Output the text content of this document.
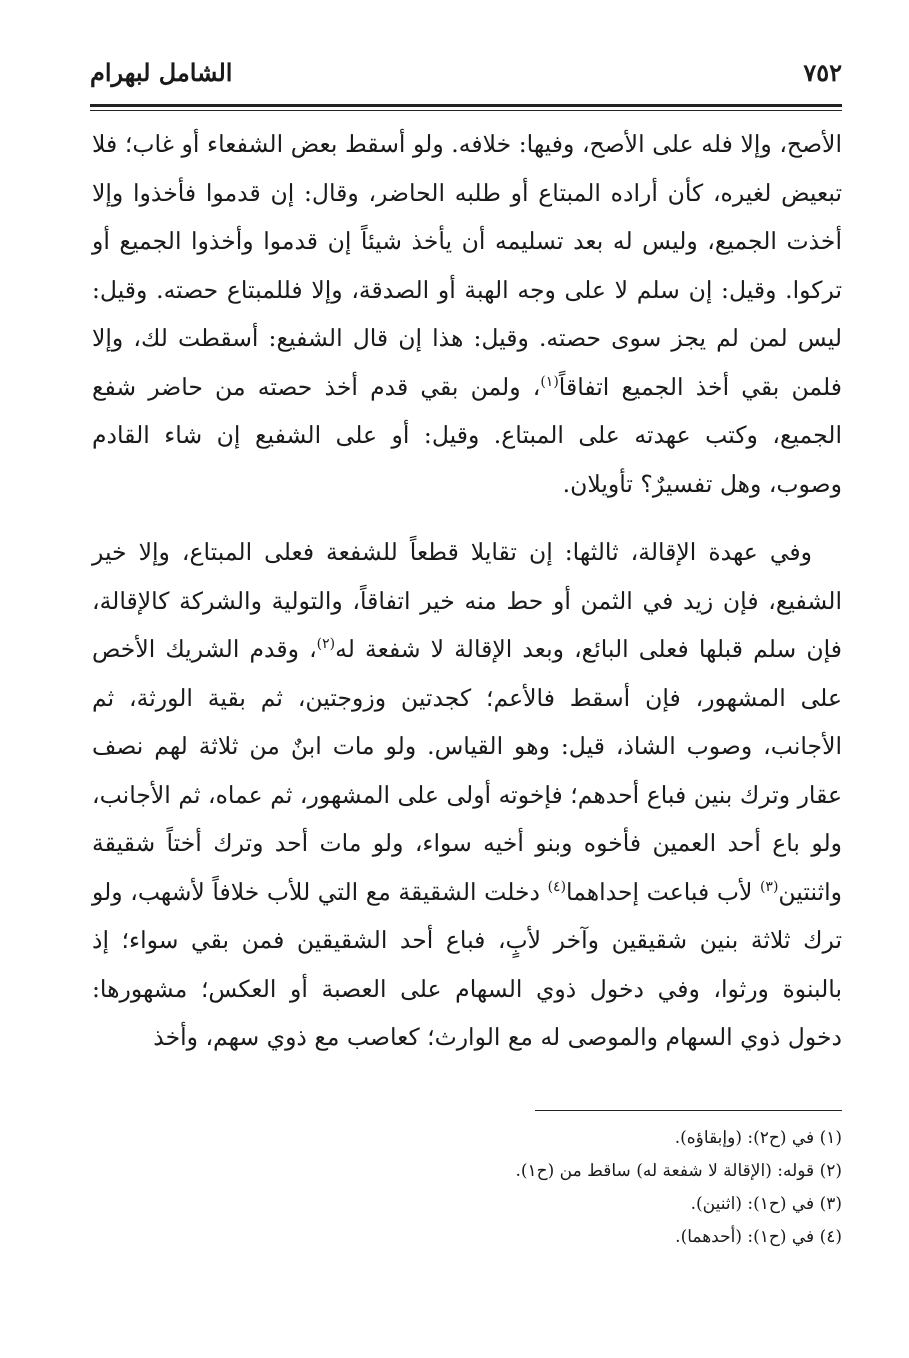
الشامل لبهرام	٧٥٢

الأصح، وإلا فله على الأصح، وفيها: خلافه. ولو أسقط بعض الشفعاء أو غاب؛ فلا تبعيض لغيره، كأن أراده المبتاع أو طلبه الحاضر، وقال: إن قدموا فأخذوا وإلا أخذت الجميع، وليس له بعد تسليمه أن يأخذ شيئاً إن قدموا وأخذوا الجميع أو تركوا. وقيل: إن سلم لا على وجه الهبة أو الصدقة، وإلا فللمبتاع حصته. وقيل: ليس لمن لم يجز سوى حصته. وقيل: هذا إن قال الشفيع: أسقطت لك، وإلا فلمن بقي أخذ الجميع اتفاقاً$^{(١)}$، ولمن بقي قدم أخذ حصته من حاضر شفع الجميع، وكتب عهدته على المبتاع. وقيل: أو على الشفيع إن شاء القادم وصوب، وهل تفسيرٌ؟ تأويلان.

وفي عهدة الإقالة، ثالثها: إن تقايلا قطعاً للشفعة فعلى المبتاع، وإلا خير الشفيع، فإن زيد في الثمن أو حط منه خير اتفاقاً، والتولية والشركة كالإقالة، فإن سلم قبلها فعلى البائع، وبعد الإقالة لا شفعة له$^{(٢)}$، وقدم الشريك الأخص على المشهور، فإن أسقط فالأعم؛ كجدتين وزوجتين، ثم بقية الورثة، ثم الأجانب، وصوب الشاذ، قيل: وهو القياس. ولو مات ابنٌ من ثلاثة لهم نصف عقار وترك بنين فباع أحدهم؛ فإخوته أولى على المشهور، ثم عماه، ثم الأجانب، ولو باع أحد العمين فأخوه وبنو أخيه سواء، ولو مات أحد وترك أختاً شقيقة واثنتين$^{(٣)}$ لأب فباعت إحداهما$^{(٤)}$ دخلت الشقيقة مع التي للأب خلافاً لأشهب، ولو ترك ثلاثة بنين شقيقين وآخر لأبٍ، فباع أحد الشقيقين فمن بقي سواء؛ إذ بالبنوة ورثوا، وفي دخول ذوي السهام على العصبة أو العكس؛ مشهورها: دخول ذوي السهام والموصى له مع الوارث؛ كعاصب مع ذوي سهم، وأخذ

(١) في (ح٢): (وإبقاؤه).

(٢) قوله: (الإقالة لا شفعة له) ساقط من (ح١).

(٣) في (ح١): (اثنين).

(٤) في (ح١): (أحدهما).
